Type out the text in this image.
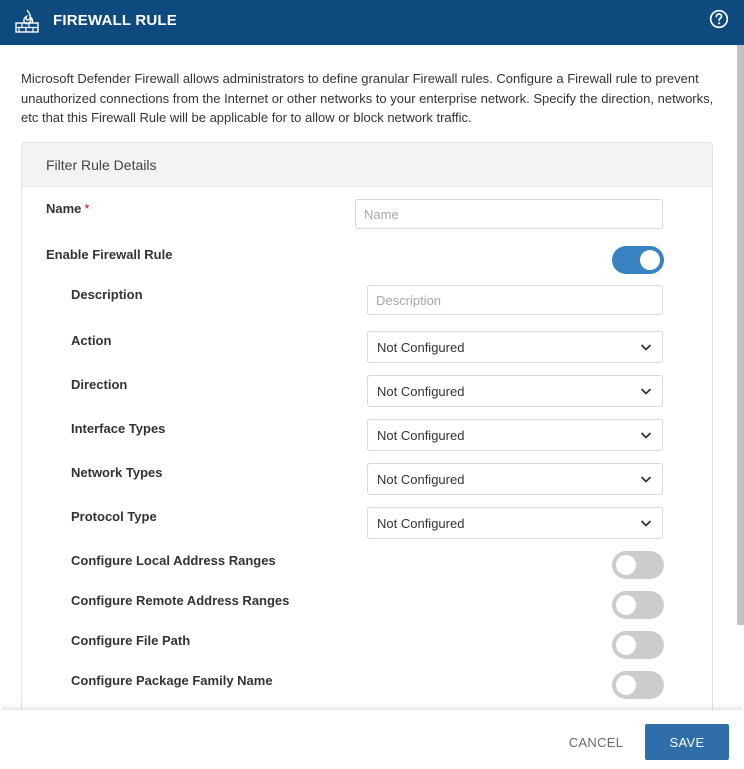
FIREWALL RULE

Microsoft Defender Firewall allows administrators to define granular Firewall rules. Configure a Firewall rule to prevent unauthorized connections from the Internet or other networks to your enterprise network. Specify the direction, networks, etc that this Firewall Rule will be applicable for to allow or block network traffic.

Filter Rule Details
Name *
Name
Enable Firewall Rule
Description
Description
Action	Not Configured
Direction	Not Configured
Interface Types	Not Configured
Network Types	Not Configured
Protocol Type	Not Configured
Configure Local Address Ranges
Configure Remote Address Ranges
Configure File Path
Configure Package Family Name
CANCEL	SAVE
